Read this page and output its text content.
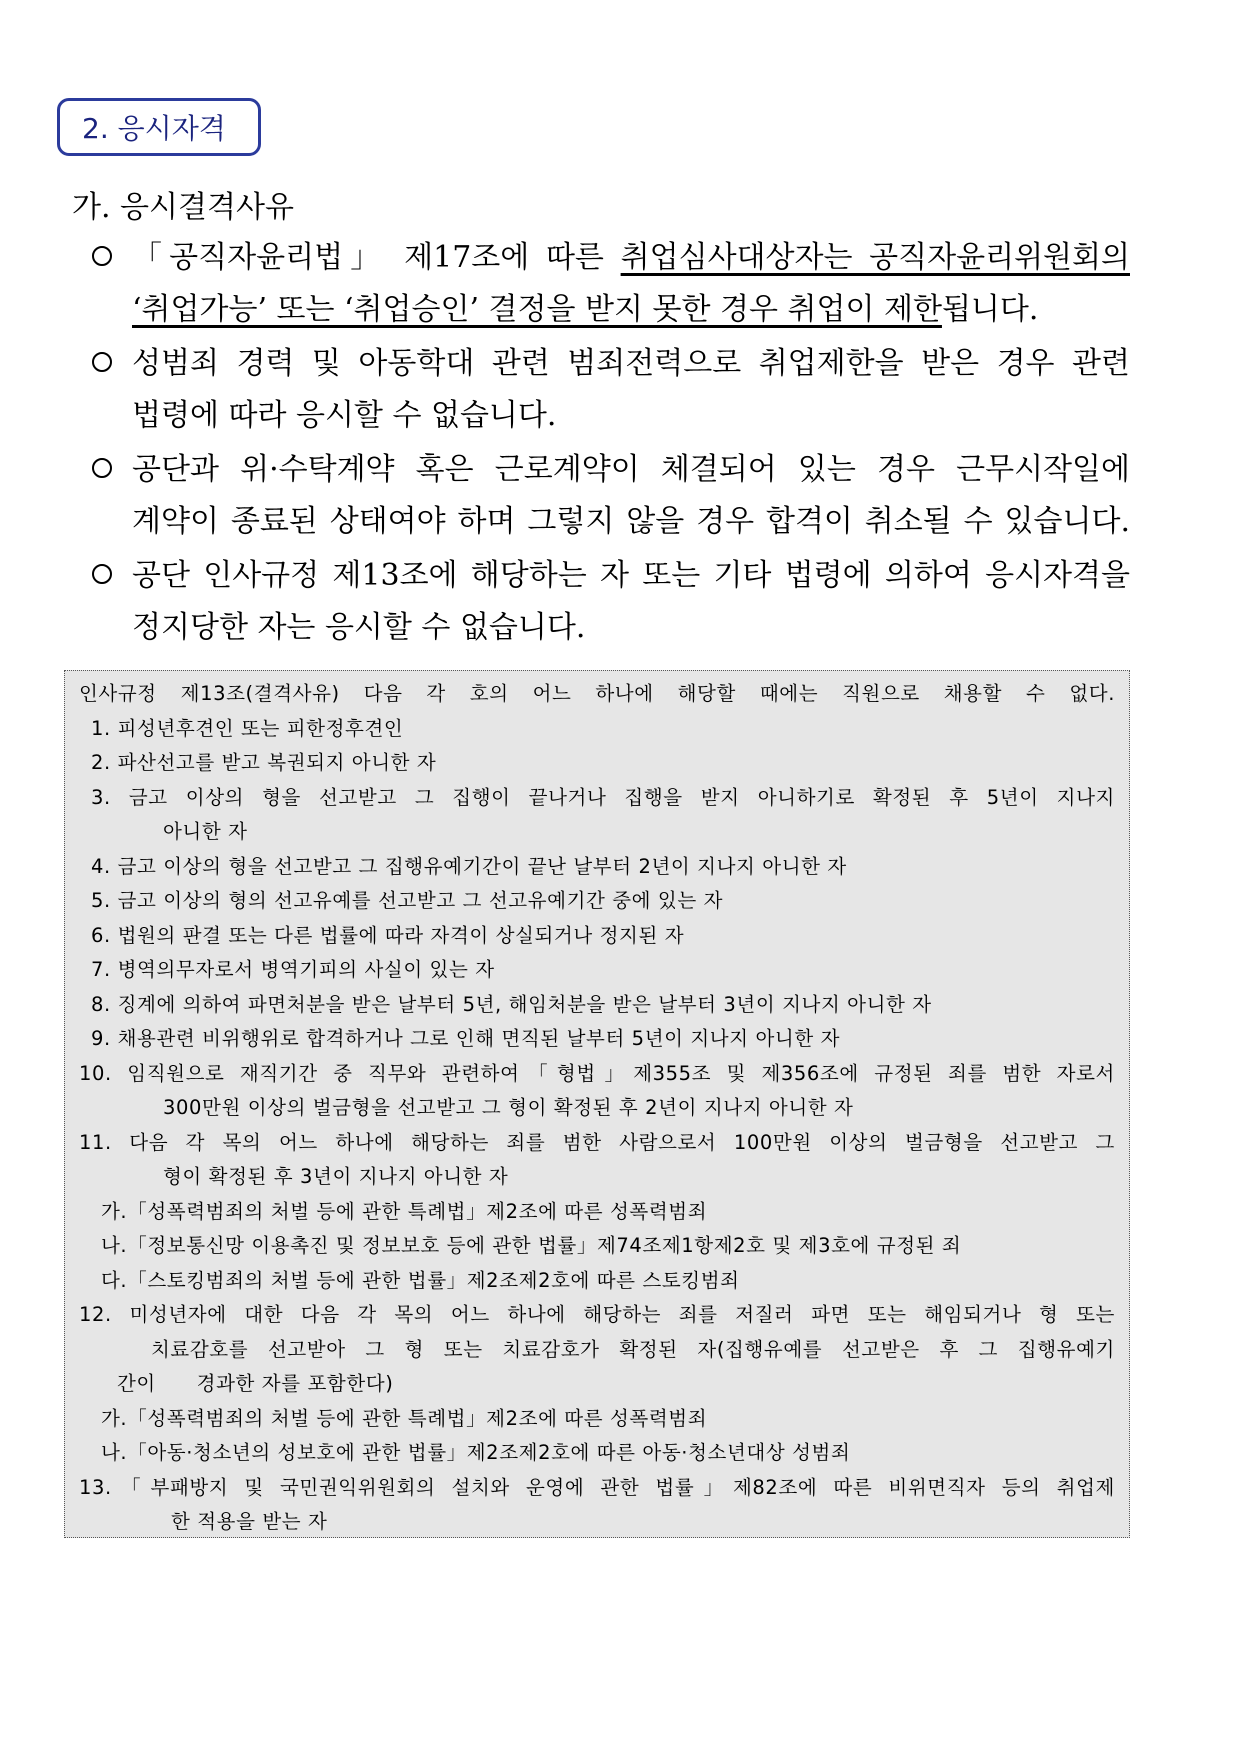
2. 응시자격
가. 응시결격사유
「공직자윤리법」 제17조에 따른 취업심사대상자는 공직자윤리위원회의
‘취업가능’ 또는 ‘취업승인’ 결정을 받지 못한 경우 취업이 제한됩니다.
성범죄 경력 및 아동학대 관련 범죄전력으로 취업제한을 받은 경우 관련
법령에 따라 응시할 수 없습니다.
공단과 위·수탁계약 혹은 근로계약이 체결되어 있는 경우 근무시작일에
계약이 종료된 상태여야 하며 그렇지 않을 경우 합격이 취소될 수 있습니다.
공단 인사규정 제13조에 해당하는 자 또는 기타 법령에 의하여 응시자격을
정지당한 자는 응시할 수 없습니다.
인사규정 제13조(결격사유) 다음 각 호의 어느 하나에 해당할 때에는 직원으로 채용할 수 없다.
1. 피성년후견인 또는 피한정후견인
2. 파산선고를 받고 복권되지 아니한 자
3. 금고 이상의 형을 선고받고 그 집행이 끝나거나 집행을 받지 아니하기로 확정된 후 5년이 지나지
아니한 자
4. 금고 이상의 형을 선고받고 그 집행유예기간이 끝난 날부터 2년이 지나지 아니한 자
5. 금고 이상의 형의 선고유예를 선고받고 그 선고유예기간 중에 있는 자
6. 법원의 판결 또는 다른 법률에 따라 자격이 상실되거나 정지된 자
7. 병역의무자로서 병역기피의 사실이 있는 자
8. 징계에 의하여 파면처분을 받은 날부터 5년, 해임처분을 받은 날부터 3년이 지나지 아니한 자
9. 채용관련 비위행위로 합격하거나 그로 인해 면직된 날부터 5년이 지나지 아니한 자
10. 임직원으로 재직기간 중 직무와 관련하여「형법」제355조 및 제356조에 규정된 죄를 범한 자로서
300만원 이상의 벌금형을 선고받고 그 형이 확정된 후 2년이 지나지 아니한 자
11. 다음 각 목의 어느 하나에 해당하는 죄를 범한 사람으로서 100만원 이상의 벌금형을 선고받고 그
형이 확정된 후 3년이 지나지 아니한 자
가.「성폭력범죄의 처벌 등에 관한 특례법」제2조에 따른 성폭력범죄
나.「정보통신망 이용촉진 및 정보보호 등에 관한 법률」제74조제1항제2호 및 제3호에 규정된 죄
다.「스토킹범죄의 처벌 등에 관한 법률」제2조제2호에 따른 스토킹범죄
12. 미성년자에 대한 다음 각 목의 어느 하나에 해당하는 죄를 저질러 파면 또는 해임되거나 형 또는
치료감호를 선고받아 그 형 또는 치료감호가 확정된 자(집행유예를 선고받은 후 그 집행유예기
간이      경과한 자를 포함한다)
가.「성폭력범죄의 처벌 등에 관한 특례법」제2조에 따른 성폭력범죄
나.「아동·청소년의 성보호에 관한 법률」제2조제2호에 따른 아동·청소년대상 성범죄
13.「부패방지 및 국민권익위원회의 설치와 운영에 관한 법률」제82조에 따른 비위면직자 등의 취업제
한 적용을 받는 자
